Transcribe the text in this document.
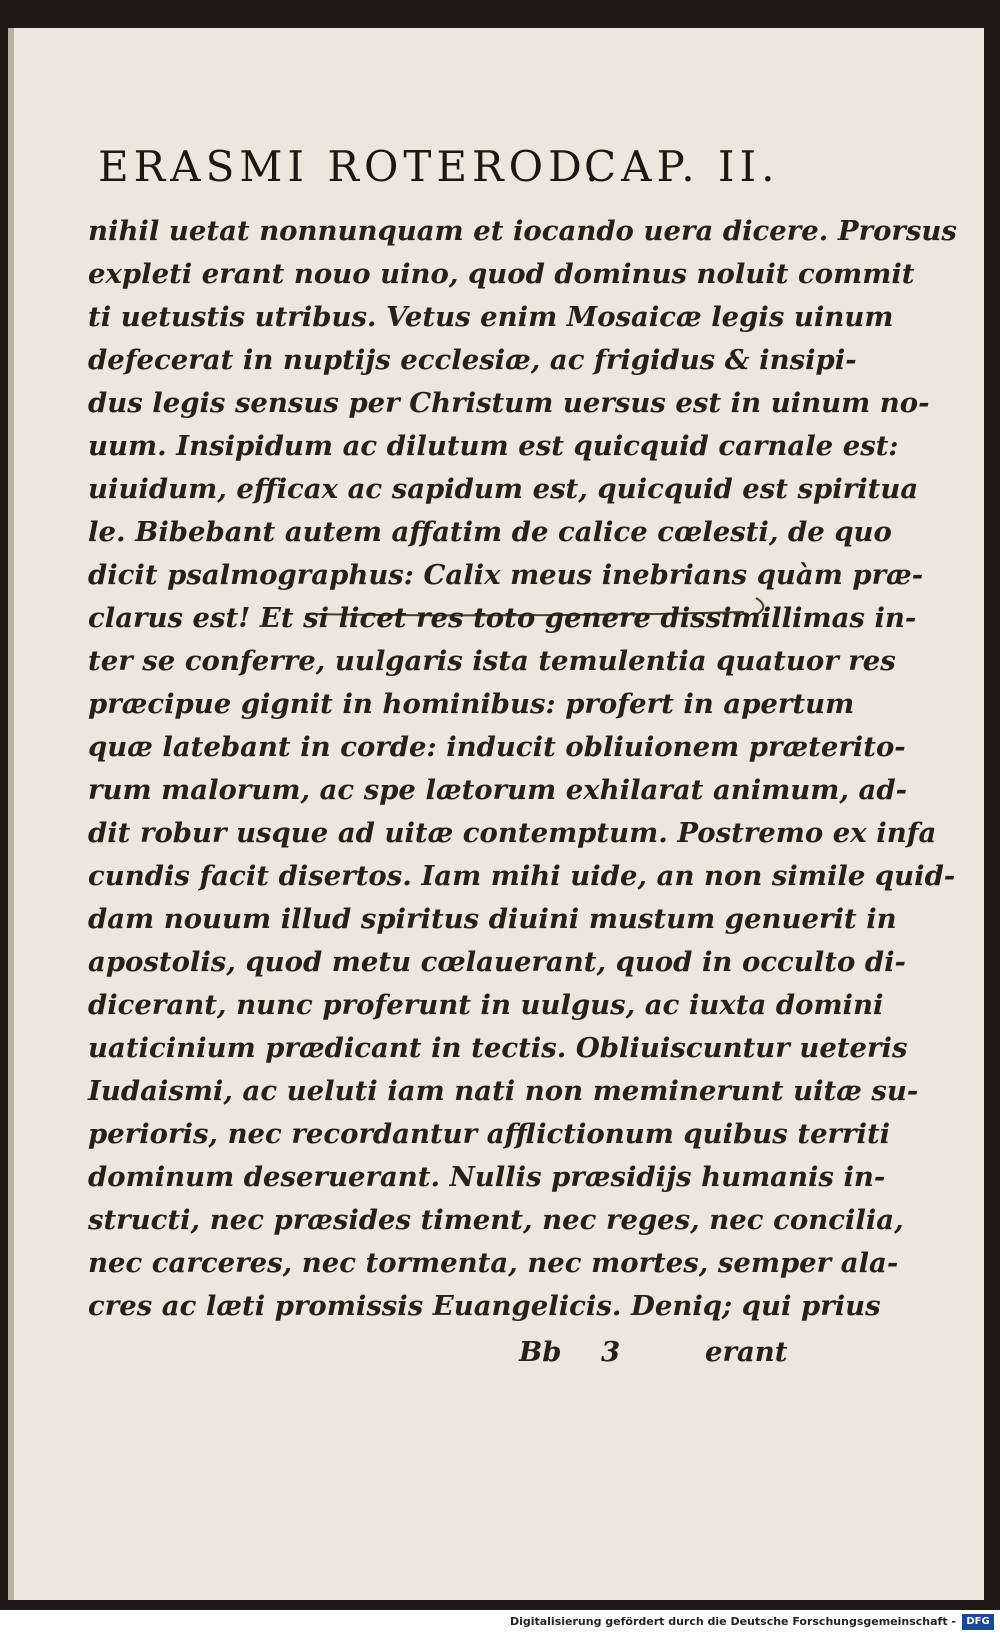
ERASMI ROTEROD.
CAP. II.
nihil uetat nonnunquam et iocando uera dicere. Prorsus
expleti erant nouo uino, quod dominus noluit commit
ti uetustis utribus. Vetus enim Mosaicæ legis uinum
defecerat in nuptijs ecclesiæ, ac frigidus & insipi-
dus legis sensus per Christum uersus est in uinum no-
uum. Insipidum ac dilutum est quicquid carnale est:
uiuidum, efficax ac sapidum est, quicquid est spiritua
le. Bibebant autem affatim de calice cœlesti, de quo
dicit psalmographus: Calix meus inebrians quàm præ-
clarus est! Et si licet res toto genere dissimillimas in-
ter se conferre, uulgaris ista temulentia quatuor res
præcipue gignit in hominibus: profert in apertum
quæ latebant in corde: inducit obliuionem præterito-
rum malorum, ac spe lætorum exhilarat animum, ad-
dit robur usque ad uitæ contemptum. Postremo ex infa
cundis facit disertos. Iam mihi uide, an non simile quid-
dam nouum illud spiritus diuini mustum genuerit in
apostolis, quod metu cœlauerant, quod in occulto di-
dicerant, nunc proferunt in uulgus, ac iuxta domini
uaticinium prædicant in tectis. Obliuiscuntur ueteris
Iudaismi, ac ueluti iam nati non meminerunt uitæ su-
perioris, nec recordantur afflictionum quibus territi
dominum deseruerant. Nullis præsidijs humanis in-
structi, nec præsides timent, nec reges, nec concilia,
nec carceres, nec tormenta, nec mortes, semper ala-
cres ac læti promissis Euangelicis. Deniq; qui prius
Bb 3	erant
Digitalisierung gefördert durch die Deutsche Forschungsgemeinschaft -	DFG
